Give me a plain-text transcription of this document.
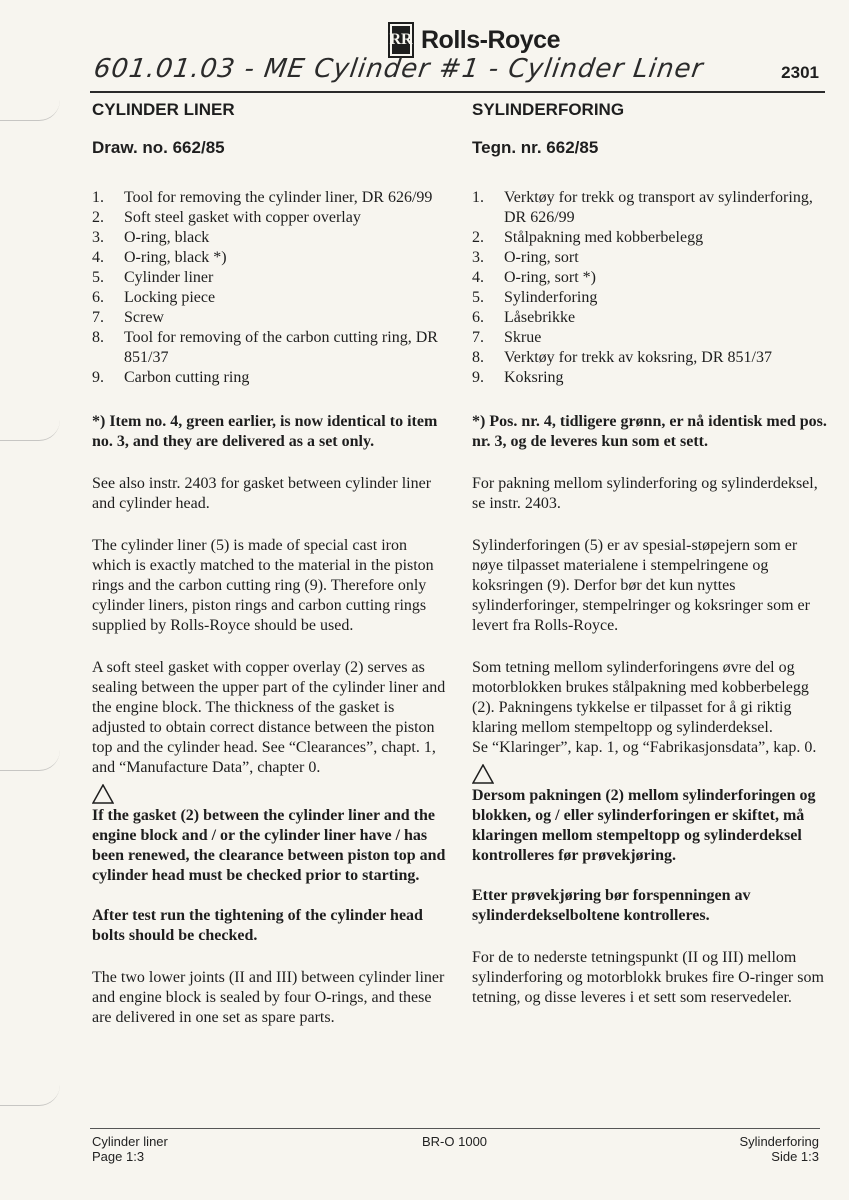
RR Rolls-Royce
601.01.03 - ME Cylinder #1 - Cylinder Liner	2301
CYLINDER LINER
Draw. no. 662/85
1.	Tool for removing the cylinder liner, DR 626/99
2.	Soft steel gasket with copper overlay
3.	O-ring, black
4.	O-ring, black *)
5.	Cylinder liner
6.	Locking piece
7.	Screw
8.	Tool for removing of the carbon cutting ring, DR 851/37
9.	Carbon cutting ring

*) Item no. 4, green earlier, is now identical to item no. 3, and they are delivered as a set only.

See also instr. 2403 for gasket between cylinder liner and cylinder head.

The cylinder liner (5) is made of special cast iron which is exactly matched to the material in the piston rings and the carbon cutting ring (9). Therefore only cylinder liners, piston rings and carbon cutting rings supplied by Rolls-Royce should be used.

A soft steel gasket with copper overlay (2) serves as sealing between the upper part of the cylinder liner and the engine block. The thickness of the gasket is adjusted to obtain correct distance between the piston top and the cylinder head. See “Clearances”, chapt. 1, and “Manufacture Data”, chapter 0.

If the gasket (2) between the cylinder liner and the engine block and / or the cylinder liner have / has been renewed, the clearance between piston top and cylinder head must be checked prior to starting.

After test run the tightening of the cylinder head bolts should be checked.

The two lower joints (II and III) between cylinder liner and engine block is sealed by four O-rings, and these are delivered in one set as spare parts.

SYLINDERFORING
Tegn. nr. 662/85
1.	Verktøy for trekk og transport av sylinderforing, DR 626/99
2.	Stålpakning med kobberbelegg
3.	O-ring, sort
4.	O-ring, sort *)
5.	Sylinderforing
6.	Låsebrikke
7.	Skrue
8.	Verktøy for trekk av koksring, DR 851/37
9.	Koksring

*) Pos. nr. 4, tidligere grønn, er nå identisk med pos. nr. 3, og de leveres kun som et sett.

For pakning mellom sylinderforing og sylinderdeksel, se instr. 2403.

Sylinderforingen (5) er av spesial-støpejern som er nøye tilpasset materialene i stempelringene og koksringen (9). Derfor bør det kun nyttes sylinderforinger, stempelringer og koksringer som er levert fra Rolls-Royce.

Som tetning mellom sylinderforingens øvre del og motorblokken brukes stålpakning med kobberbelegg (2). Pakningens tykkelse er tilpasset for å gi riktig klaring mellom stempeltopp og sylinderdeksel.

Se “Klaringer”, kap. 1, og “Fabrikasjonsdata”, kap. 0.

Dersom pakningen (2) mellom sylinderforingen og blokken, og / eller sylinderforingen er skiftet, må klaringen mellom stempeltopp og sylinderdeksel kontrolleres før prøvekjøring.

Etter prøvekjøring bør forspenningen av sylinderdekselboltene kontrolleres.

For de to nederste tetningspunkt (II og III) mellom sylinderforing og motorblokk brukes fire O-ringer som tetning, og disse leveres i et sett som reservedeler.

Cylinder liner
Page 1:3
BR-O 1000	Sylinderforing
Side 1:3
